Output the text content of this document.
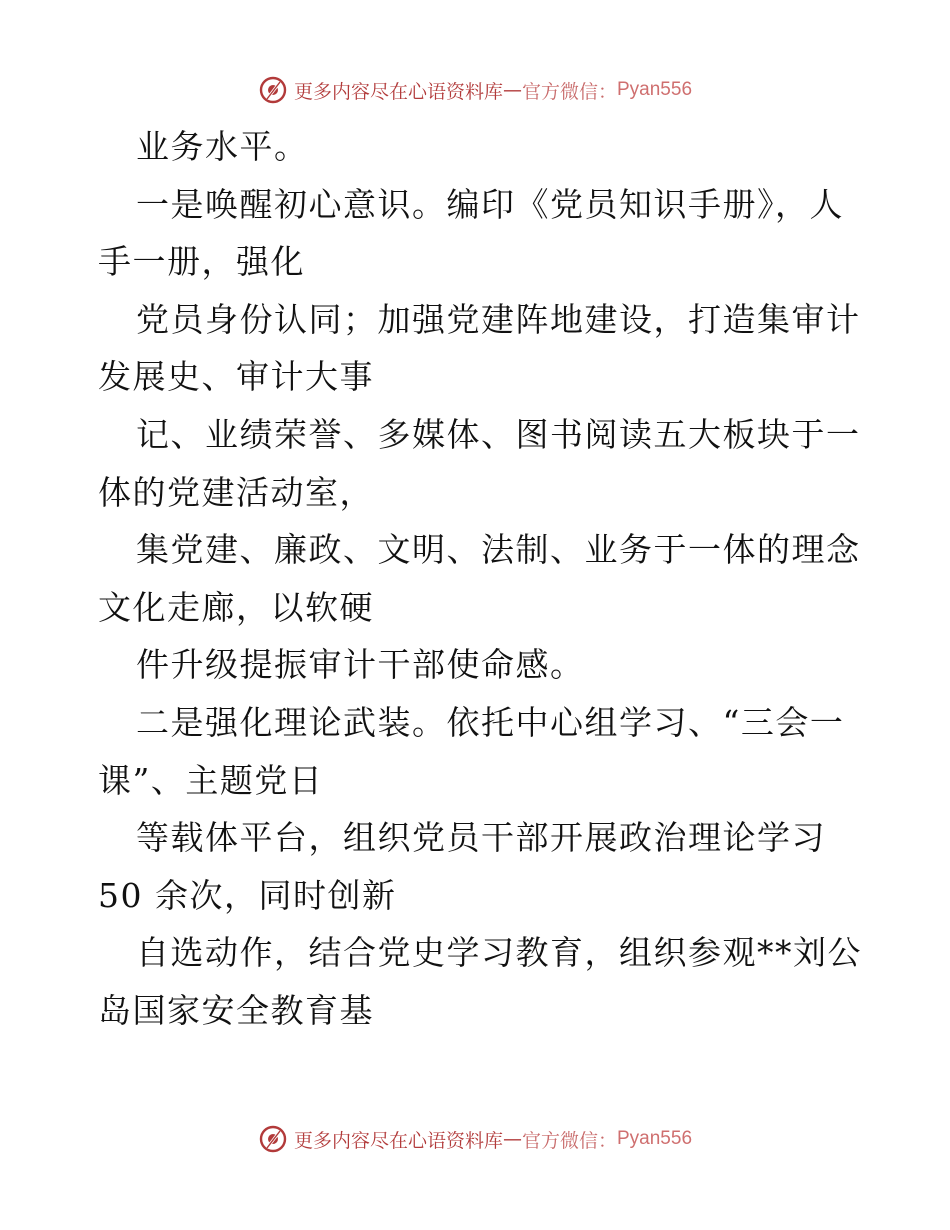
更多内容尽在心语资料库 — 官方微信： Pyan556
业务水平。
一是唤醒初心意识。编印《党员知识手册》，人
手一册，强化
党员身份认同；加强党建阵地建设，打造集审计
发展史、审计大事
记、业绩荣誉、多媒体、图书阅读五大板块于一
体的党建活动室，
集党建、廉政、文明、法制、业务于一体的理念
文化走廊，以软硬
件升级提振审计干部使命感。
二是强化理论武装。依托中心组学习、“三会一
课”、主题党日
等载体平台，组织党员干部开展政治理论学习
50 余次，同时创新
自选动作，结合党史学习教育，组织参观**刘公
岛国家安全教育基
更多内容尽在心语资料库 — 官方微信： Pyan556
